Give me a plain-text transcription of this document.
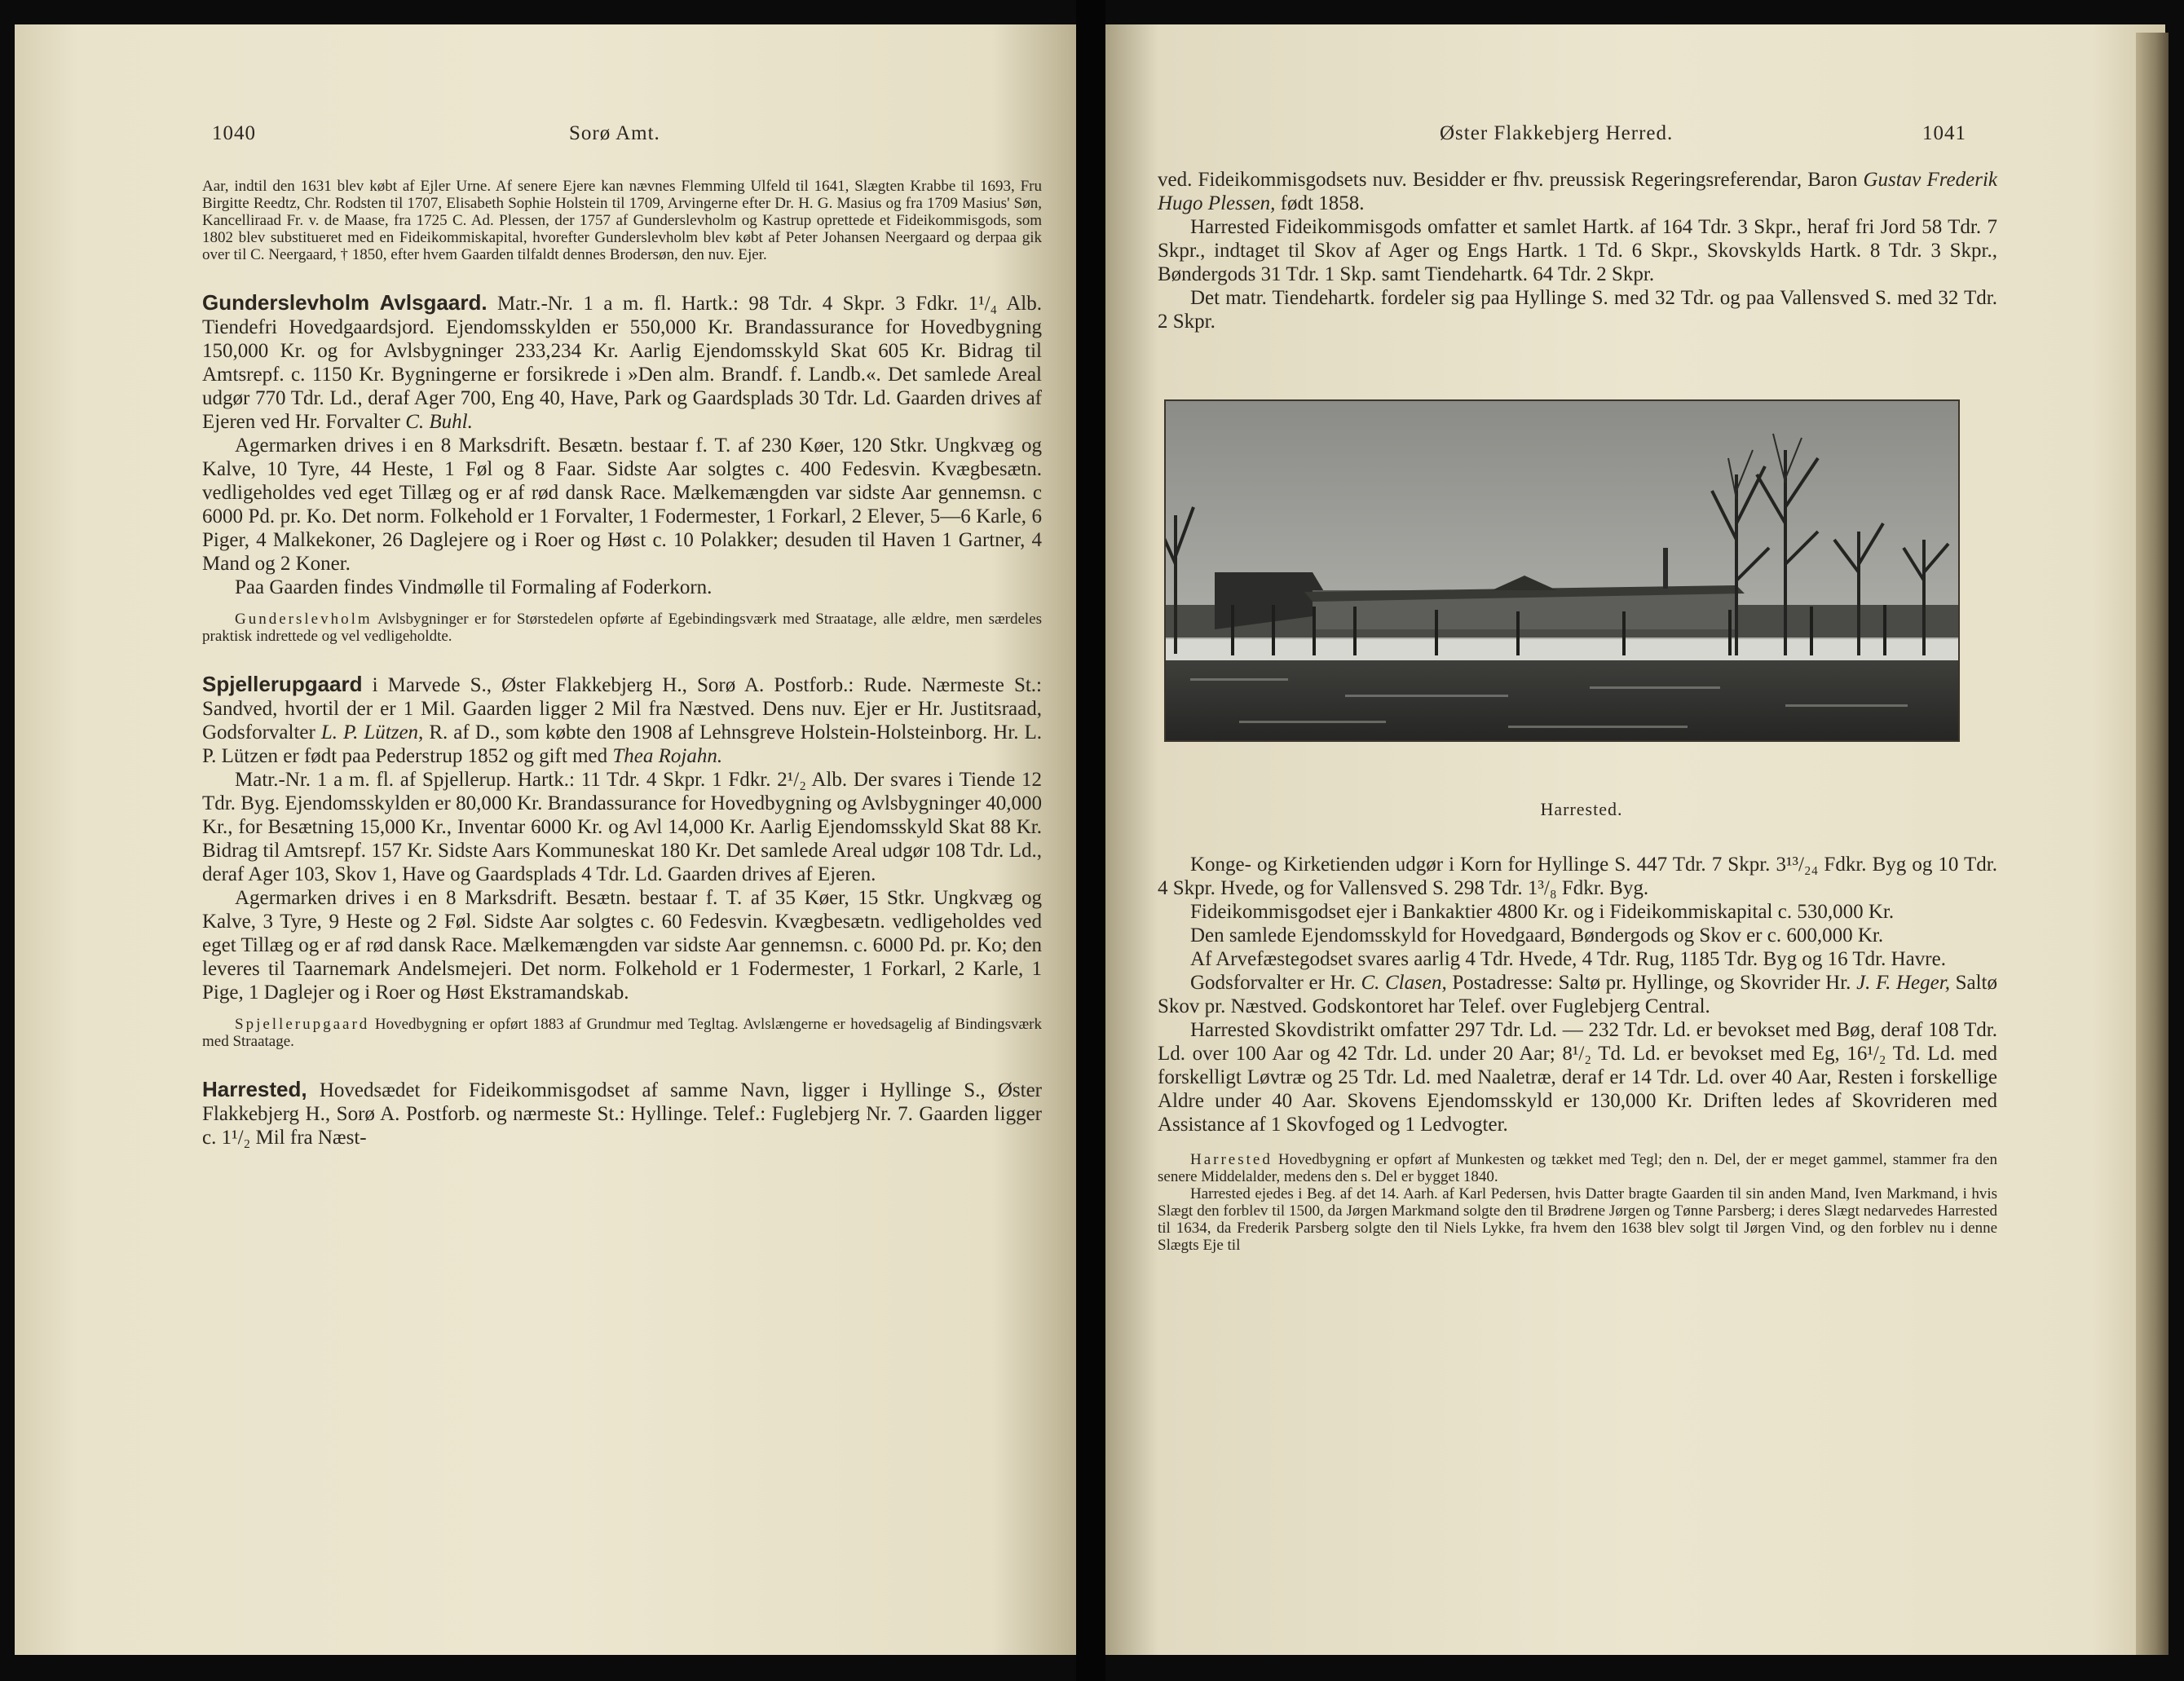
1040	Sorø Amt.

Aar, indtil den 1631 blev købt af Ejler Urne. Af senere Ejere kan nævnes Flemming Ulfeld til 1641, Slægten Krabbe til 1693, Fru Birgitte Reedtz, Chr. Rodsten til 1707, Elisabeth Sophie Holstein til 1709, Arvingerne efter Dr. H. G. Masius og fra 1709 Masius' Søn, Kancelliraad Fr. v. de Maase, fra 1725 C. Ad. Plessen, der 1757 af Gunderslevholm og Kastrup oprettede et Fideikommisgods, som 1802 blev substitueret med en Fideikommiskapital, hvorefter Gunderslevholm blev købt af Peter Johansen Neergaard og derpaa gik over til C. Neergaard, † 1850, efter hvem Gaarden tilfaldt dennes Brodersøn, den nuv. Ejer.

Gunderslevholm Avlsgaard. Matr.-Nr. 1 a m. fl. Hartk.: 98 Tdr. 4 Skpr. 3 Fdkr. 1¹/₄ Alb. Tiendefri Hovedgaardsjord. Ejendomsskylden er 550,000 Kr. Brandassurance for Hovedbygning 150,000 Kr. og for Avlsbygninger 233,234 Kr. Aarlig Ejendomsskyld Skat 605 Kr. Bidrag til Amtsrepf. c. 1150 Kr. Bygningerne er forsikrede i »Den alm. Brandf. f. Landb.«. Det samlede Areal udgør 770 Tdr. Ld., deraf Ager 700, Eng 40, Have, Park og Gaardsplads 30 Tdr. Ld. Gaarden drives af Ejeren ved Hr. Forvalter C. Buhl.

Agermarken drives i en 8 Marksdrift. Besætn. bestaar f. T. af 230 Køer, 120 Stkr. Ungkvæg og Kalve, 10 Tyre, 44 Heste, 1 Føl og 8 Faar. Sidste Aar solgtes c. 400 Fedesvin. Kvægbesætn. vedligeholdes ved eget Tillæg og er af rød dansk Race. Mælkemængden var sidste Aar gennemsn. c 6000 Pd. pr. Ko. Det norm. Folkehold er 1 Forvalter, 1 Fodermester, 1 Forkarl, 2 Elever, 5—6 Karle, 6 Piger, 4 Malkekoner, 26 Daglejere og i Roer og Høst c. 10 Polakker; desuden til Haven 1 Gartner, 4 Mand og 2 Koner.

Paa Gaarden findes Vindmølle til Formaling af Foderkorn.

Gunderslevholm Avlsbygninger er for Størstedelen opførte af Egebindingsværk med Straatage, alle ældre, men særdeles praktisk indrettede og vel vedligeholdte.

Spjellerupgaard i Marvede S., Øster Flakkebjerg H., Sorø A. Postforb.: Rude. Nærmeste St.: Sandved, hvortil der er 1 Mil. Gaarden ligger 2 Mil fra Næstved. Dens nuv. Ejer er Hr. Justitsraad, Godsforvalter L. P. Lützen, R. af D., som købte den 1908 af Lehnsgreve Holstein-Holsteinborg. Hr. L. P. Lützen er født paa Pederstrup 1852 og gift med Thea Rojahn.

Matr.-Nr. 1 a m. fl. af Spjellerup. Hartk.: 11 Tdr. 4 Skpr. 1 Fdkr. 2¹/₂ Alb. Der svares i Tiende 12 Tdr. Byg. Ejendomsskylden er 80,000 Kr. Brandassurance for Hovedbygning og Avlsbygninger 40,000 Kr., for Besætning 15,000 Kr., Inventar 6000 Kr. og Avl 14,000 Kr. Aarlig Ejendomsskyld Skat 88 Kr. Bidrag til Amtsrepf. 157 Kr. Sidste Aars Kommuneskat 180 Kr. Det samlede Areal udgør 108 Tdr. Ld., deraf Ager 103, Skov 1, Have og Gaardsplads 4 Tdr. Ld. Gaarden drives af Ejeren.

Agermarken drives i en 8 Marksdrift. Besætn. bestaar f. T. af 35 Køer, 15 Stkr. Ungkvæg og Kalve, 3 Tyre, 9 Heste og 2 Føl. Sidste Aar solgtes c. 60 Fedesvin. Kvægbesætn. vedligeholdes ved eget Tillæg og er af rød dansk Race. Mælkemængden var sidste Aar gennemsn. c. 6000 Pd. pr. Ko; den leveres til Taarnemark Andelsmejeri. Det norm. Folkehold er 1 Fodermester, 1 Forkarl, 2 Karle, 1 Pige, 1 Daglejer og i Roer og Høst Ekstramandskab.

Spjellerupgaard Hovedbygning er opført 1883 af Grundmur med Tegltag. Avlslængerne er hovedsagelig af Bindingsværk med Straatage.

Harrested, Hovedsædet for Fideikommisgodset af samme Navn, ligger i Hyllinge S., Øster Flakkebjerg H., Sorø A. Postforb. og nærmeste St.: Hyllinge. Telef.: Fuglebjerg Nr. 7. Gaarden ligger c. 1¹/₂ Mil fra Næst-

Øster Flakkebjerg Herred.	1041

ved. Fideikommisgodsets nuv. Besidder er fhv. preussisk Regeringsreferendar, Baron Gustav Frederik Hugo Plessen, født 1858.

Harrested Fideikommisgods omfatter et samlet Hartk. af 164 Tdr. 3 Skpr., heraf fri Jord 58 Tdr. 7 Skpr., indtaget til Skov af Ager og Engs Hartk. 1 Td. 6 Skpr., Skovskylds Hartk. 8 Tdr. 3 Skpr., Bøndergods 31 Tdr. 1 Skp. samt Tiendehartk. 64 Tdr. 2 Skpr.

Det matr. Tiendehartk. fordeler sig paa Hyllinge S. med 32 Tdr. og paa Vallensved S. med 32 Tdr. 2 Skpr.

Harrested.

Konge- og Kirketienden udgør i Korn for Hyllinge S. 447 Tdr. 7 Skpr. 3¹³/₂₄ Fdkr. Byg og 10 Tdr. 4 Skpr. Hvede, og for Vallensved S. 298 Tdr. 1³/₈ Fdkr. Byg.

Fideikommisgodset ejer i Bankaktier 4800 Kr. og i Fideikommiskapital c. 530,000 Kr.

Den samlede Ejendomsskyld for Hovedgaard, Bøndergods og Skov er c. 600,000 Kr.

Af Arvefæstegodset svares aarlig 4 Tdr. Hvede, 4 Tdr. Rug, 1185 Tdr. Byg og 16 Tdr. Havre.

Godsforvalter er Hr. C. Clasen, Postadresse: Saltø pr. Hyllinge, og Skovrider Hr. J. F. Heger, Saltø Skov pr. Næstved. Godskontoret har Telef. over Fuglebjerg Central.

Harrested Skovdistrikt omfatter 297 Tdr. Ld. — 232 Tdr. Ld. er bevokset med Bøg, deraf 108 Tdr. Ld. over 100 Aar og 42 Tdr. Ld. under 20 Aar; 8¹/₂ Td. Ld. er bevokset med Eg, 16¹/₂ Td. Ld. med forskelligt Løvtræ og 25 Tdr. Ld. med Naaletræ, deraf er 14 Tdr. Ld. over 40 Aar, Resten i forskellige Aldre under 40 Aar. Skovens Ejendomsskyld er 130,000 Kr. Driften ledes af Skovrideren med Assistance af 1 Skovfoged og 1 Ledvogter.

Harrested Hovedbygning er opført af Munkesten og tækket med Tegl; den n. Del, der er meget gammel, stammer fra den senere Middelalder, medens den s. Del er bygget 1840.

Harrested ejedes i Beg. af det 14. Aarh. af Karl Pedersen, hvis Datter bragte Gaarden til sin anden Mand, Iven Markmand, i hvis Slægt den forblev til 1500, da Jørgen Markmand solgte den til Brødrene Jørgen og Tønne Parsberg; i deres Slægt nedarvedes Harrested til 1634, da Frederik Parsberg solgte den til Niels Lykke, fra hvem den 1638 blev solgt til Jørgen Vind, og den forblev nu i denne Slægts Eje til
